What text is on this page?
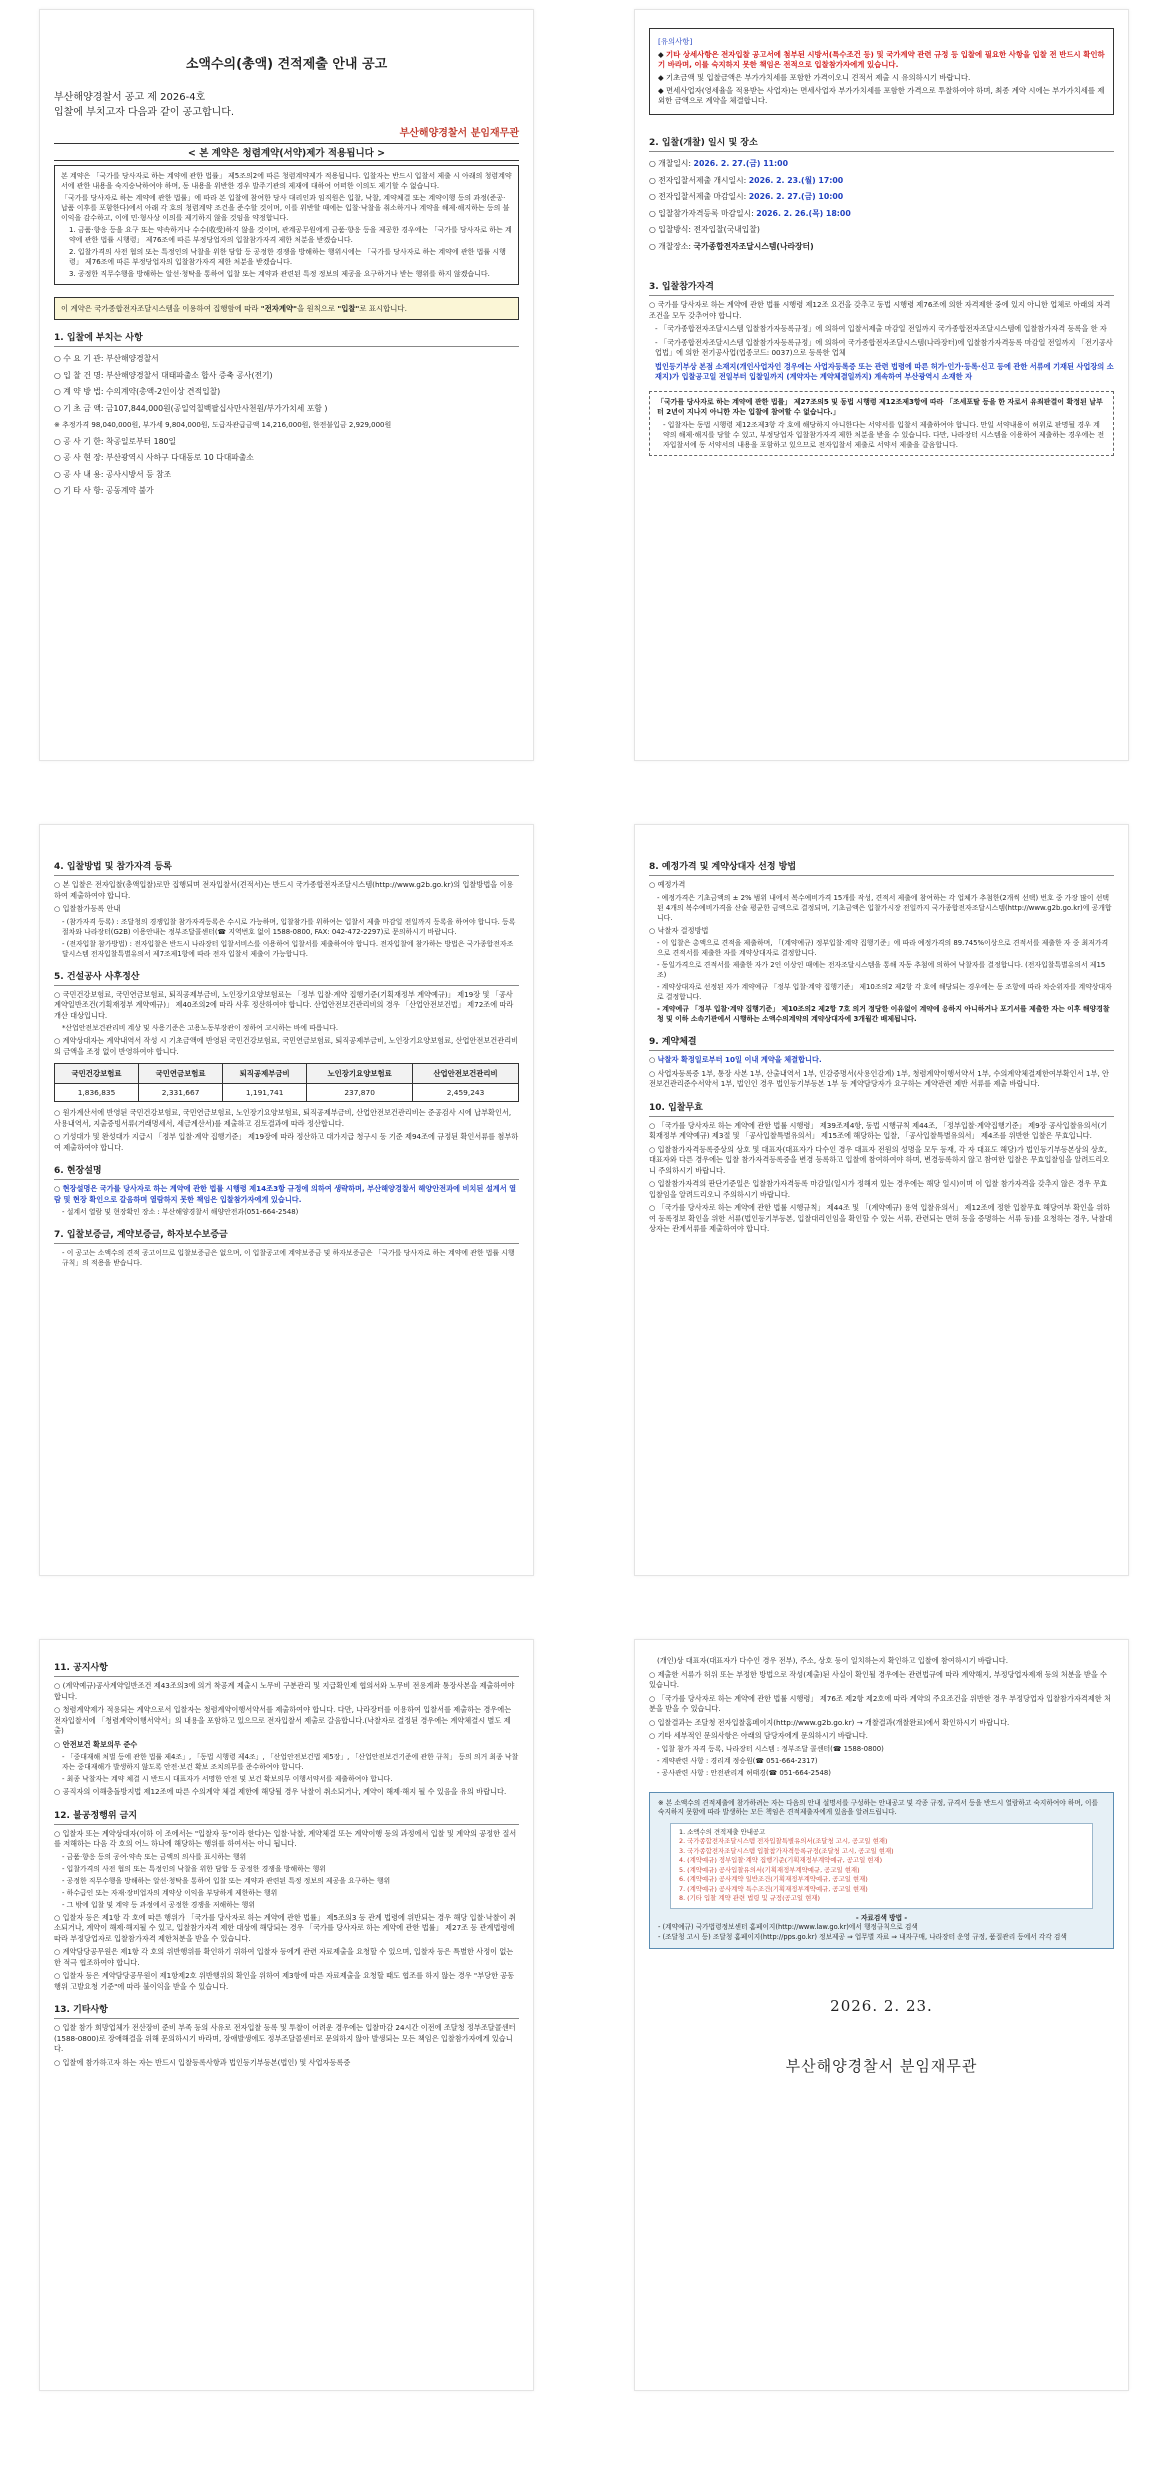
소액수의(총액) 견적제출 안내 공고
부산해양경찰서 공고 제 2026-4호
입찰에 부치고자 다음과 같이 공고합니다.
부산해양경찰서 분임재무관
< 본 계약은 청렴계약(서약)제가 적용됩니다 >

본 계약은 「국가를 당사자로 하는 계약에 관한 법률」 제5조의2에 따른 청렴계약제가 적용됩니다. 입찰자는 반드시 입찰서 제출 시 아래의 청렴계약서에 관한 내용을 숙지승낙하여야 하며, 동 내용을 위반한 경우 발주기관의 제재에 대하여 어떠한 이의도 제기할 수 없습니다.

「국가를 당사자로 하는 계약에 관한 법률」에 따라 본 입찰에 참여한 당사 대리인과 임직원은 입찰, 낙찰, 계약체결 또는 계약이행 등의 과정(준공·납품 이후를 포함한다)에서 아래 각 호의 청렴계약 조건을 준수할 것이며, 이를 위반할 때에는 입찰·낙찰을 취소하거나 계약을 해제·해지하는 등의 불이익을 감수하고, 이에 민·형사상 이의를 제기하지 않을 것임을 약정합니다.

1. 금품·향응 등을 요구 또는 약속하거나 수수(收受)하지 않을 것이며, 관계공무원에게 금품·향응 등을 제공한 경우에는 「국가를 당사자로 하는 계약에 관한 법률 시행령」 제76조에 따른 부정당업자의 입찰참가자격 제한 처분을 받겠습니다.

2. 입찰가격의 사전 협의 또는 특정인의 낙찰을 위한 담합 등 공정한 경쟁을 방해하는 행위시에는 「국가를 당사자로 하는 계약에 관한 법률 시행령」 제76조에 따른 부정당업자의 입찰참가자격 제한 처분을 받겠습니다.

3. 공정한 직무수행을 방해하는 알선·청탁을 통하여 입찰 또는 계약과 관련된 특정 정보의 제공을 요구하거나 받는 행위를 하지 않겠습니다.

이 계약은 국가종합전자조달시스템을 이용하여 집행함에 따라 "전자계약"을 원칙으로 "입찰"로 표시합니다.
1. 입찰에 부치는 사항
○ 수 요 기 관: 부산해양경찰서
○ 입 찰 건 명: 부산해양경찰서 대태파출소 합사 증축 공사(전기)
○ 계 약 방 법: 수의계약(총액-2인이상 견적입찰)
○ 기 초 금 액: 금107,844,000원(공일억칠백팔십사만사천원/부가가치세 포함 )
※ 추정가격 98,040,000원, 부가세 9,804,000원, 도급자관급금액 14,216,000원, 한전불입금 2,929,000원
○ 공 사 기 한: 착공일로부터 180일
○ 공 사 현 장: 부산광역시 사하구 다대동로 10 다대파출소
○ 공 사 내 용: 공사시방서 등 참조
○ 기 타 사 항: 공동계약 불가
[유의사항]
◆ 기타 상세사항은 전자입찰 공고서에 첨부된 시방서(특수조건 등) 및 국가계약 관련 규정 등 입찰에 필요한 사항을 입찰 전 반드시 확인하기 바라며, 이를 숙지하지 못한 책임은 전적으로 입찰참가자에게 있습니다.
◆ 기초금액 및 입찰금액은 부가가치세를 포함한 가격이오니 견적서 제출 시 유의하시기 바랍니다.
◆ 면세사업자(영세율을 적용받는 사업자)는 면세사업자 부가가치세를 포함한 가격으로 투찰하여야 하며, 최종 계약 시에는 부가가치세를 제외한 금액으로 계약을 체결합니다.
2. 입찰(개찰) 일시 및 장소
○ 개찰일시: 2026. 2. 27.(금) 11:00
○ 전자입찰서제출 개시일시: 2026. 2. 23.(월) 17:00
○ 전자입찰서제출 마감일시: 2026. 2. 27.(금) 10:00
○ 입찰참가자격등록 마감일시: 2026. 2. 26.(목) 18:00
○ 입찰방식: 전자입찰(국내입찰)
○ 개찰장소: 국가종합전자조달시스템(나라장터)
3. 입찰참가자격
○ 국가를 당사자로 하는 계약에 관한 법률 시행령 제12조 요건을 갖추고 동법 시행령 제76조에 의한 자격제한 중에 있지 아니한 업체로 아래의 자격조건을 모두 갖추어야 합니다.
- 「국가종합전자조달시스템 입찰참가자등록규정」에 의하여 입찰서제출 마감일 전일까지 국가종합전자조달시스템에 입찰참가자격 등록을 한 자
- 「국가종합전자조달시스템 입찰참가자등록규정」에 의하여 국가종합전자조달시스템(나라장터)에 입찰참가자격등록 마감일 전일까지 「전기공사업법」에 의한 전기공사업(업종코드: 0037)으로 등록한 업체
법인등기부상 본점 소재지(개인사업자인 경우에는 사업자등록증 또는 관련 법령에 따른 허가·인가·등록·신고 등에 관한 서류에 기재된 사업장의 소재지)가 입찰공고일 전일부터 입찰일까지 (계약자는 계약체결일까지) 계속하여 부산광역시 소재한 자
「국가를 당사자로 하는 계약에 관한 법률」 제27조의5 및 동법 시행령 제12조제3항에 따라 「조세포탈 등을 한 자로서 유죄판결이 확정된 날부터 2년이 지나지 아니한 자는 입찰에 참여할 수 없습니다.」
- 입찰자는 동법 시행령 제12조제3항 각 호에 해당하지 아니한다는 서약서를 입찰서 제출하여야 합니다. 만일 서약내용이 허위로 판명될 경우 계약의 해제·해지를 당할 수 있고, 부정당업자 입찰참가자격 제한 처분을 받을 수 있습니다. 다만, 나라장터 시스템을 이용하여 제출하는 경우에는 전자입찰서에 동 서약서의 내용을 포함하고 있으므로 전자입찰서 제출로 서약서 제출을 갈음합니다.
4. 입찰방법 및 참가자격 등록
○ 본 입찰은 전자입찰(총액입찰)로만 집행되며 전자입찰서(견적서)는 반드시 국가종합전자조달시스템(http://www.g2b.go.kr)의 입찰방법을 이용하여 제출하여야 합니다.
○ 입찰참가등록 안내
- (참가자격 등록) : 조달청의 경쟁입찰 참가자격등록은 수시로 가능하며, 입찰참가를 위하여는 입찰서 제출 마감일 전일까지 등록을 하여야 합니다. 등록절차와 나라장터(G2B) 이용안내는 정부조달콜센터(☎ 지역번호 없이 1588-0800, FAX: 042-472-2297)로 문의하시기 바랍니다.
- (전자입찰 참가방법) : 전자입찰은 반드시 나라장터 입찰서비스를 이용하여 입찰서를 제출하여야 합니다. 전자입찰에 참가하는 방법은 국가종합전자조달시스템 전자입찰특별유의서 제7조제1항에 따라 전자 입찰서 제출이 가능합니다.
5. 건설공사 사후정산
○ 국민건강보험료, 국민연금보험료, 퇴직공제부금비, 노인장기요양보험료는 「정부 입찰·계약 집행기준(기획재정부 계약예규)」 제19장 및 「공사계약일반조건(기획재정부 계약예규)」 제40조의2에 따라 사후 정산하여야 합니다. 산업안전보건관리비의 경우 「산업안전보건법」 제72조에 따라 개산 대상입니다.
*산업안전보건관리비 계상 및 사용기준은 고용노동부장관이 정하여 고시하는 바에 따릅니다.
○ 계약상대자는 계약내역서 작성 시 기초금액에 반영된 국민건강보험료, 국민연금보험료, 퇴직공제부금비, 노인장기요양보험료, 산업안전보건관리비의 금액을 조정 없이 반영하여야 합니다.
국민건강보험료	국민연금보험료	퇴직공제부금비	노인장기요양보험료	산업안전보건관리비
1,836,835	2,331,667	1,191,741	237,870	2,459,243
○ 원가계산서에 반영된 국민건강보험료, 국민연금보험료, 노인장기요양보험료, 퇴직공제부금비, 산업안전보건관리비는 준공검사 시에 납부확인서, 사용내역서, 지출증빙서류(거래명세서, 세금계산서)를 제출하고 검토결과에 따라 정산합니다.
○ 기성대가 및 완성대가 지급시 「정부 입찰·계약 집행기준」 제19장에 따라 정산하고 대가지급 청구시 동 기준 제94조에 규정된 확인서류를 첨부하여 제출하여야 합니다.
6. 현장설명
○ 현장설명은 국가를 당사자로 하는 계약에 관한 법률 시행령 제14조3항 규정에 의하여 생략하며, 부산해양경찰서 해양안전과에 비치된 설계서 열람 및 현장 확인으로 갈음하며 열람하지 못한 책임은 입찰참가자에게 있습니다.
- 설계서 열람 및 현장확인 장소 : 부산해양경찰서 해양안전과(051-664-2548)
7. 입찰보증금, 계약보증금, 하자보수보증금
- 이 공고는 소액수의 견적 공고이므로 입찰보증금은 없으며, 이 입찰공고에 계약보증금 및 하자보증금은 「국가를 당사자로 하는 계약에 관한 법률 시행규칙」의 적용을 받습니다.
8. 예정가격 및 계약상대자 선정 방법
○ 예정가격
- 예정가격은 기초금액의 ± 2% 범위 내에서 복수예비가격 15개를 작성, 견적서 제출에 참여하는 각 업체가 추첨한(2개씩 선택) 번호 중 가장 많이 선택된 4개의 복수예비가격을 산술 평균한 금액으로 결정되며, 기초금액은 입찰가시장 전일까지 국가종합전자조달시스템(http://www.g2b.go.kr)에 공개합니다.
○ 낙찰자 결정방법
- 이 입찰은 총액으로 견적을 제출하며, 「(계약예규) 정부입찰·계약 집행기준」에 따라 예정가격의 89.745%이상으로 견적서를 제출한 자 중 최저가격으로 견적서를 제출한 자를 계약상대자로 결정합니다.
- 동일가격으로 견적서를 제출한 자가 2인 이상인 때에는 전자조달시스템을 통해 자동 추첨에 의하여 낙찰자를 결정합니다. (전자입찰특별유의서 제15조)
- 계약상대자로 선정된 자가 계약예규 「정부 입찰·계약 집행기준」 제10조의2 제2항 각 호에 해당되는 경우에는 동 조항에 따라 차순위자를 계약상대자로 결정합니다.
- 계약예규 「정부 입찰·계약 집행기준」 제10조의2 제2항 7호 의거 정당한 이유없이 계약에 응하지 아니하거나 포기서를 제출한 자는 이후 해양경찰청 및 이하 소속기관에서 시행하는 소액수의계약의 계약상대자에 3개월간 배제됩니다.
9. 계약체결
○ 낙찰자 확정일로부터 10일 이내 계약을 체결합니다.
○ 사업자등록증 1부, 통장 사본 1부, 산출내역서 1부, 인감증명서(사용인감계) 1부, 청렴계약이행서약서 1부, 수의계약체결제한여부확인서 1부, 안전보건관리준수서약서 1부, 법인인 경우 법인등기부등본 1부 등 계약담당자가 요구하는 계약관련 제반 서류를 제출 바랍니다.
10. 입찰무효
○ 「국가를 당사자로 하는 계약에 관한 법률 시행령」 제39조제4항, 동법 시행규칙 제44조, 「정부입찰·계약집행기준」 제9장 공사입찰유의서(기획재정부 계약예규) 제3절 및 「공사입찰특별유의서」 제15조에 해당하는 입찰, 「공사입찰특별유의서」 제4조를 위반한 입찰은 무효입니다.
○ 입찰참가자격등록증상의 상호 및 대표자(대표자가 다수인 경우 대표자 전원의 성명을 모두 등재, 각 자 대표도 해당)가 법인등기부등본상의 상호, 대표자와 다른 경우에는 입찰 참가자격등록증을 변경 등록하고 입찰에 참여하여야 하며, 변경등록하지 않고 참여한 입찰은 무효입찰임을 알려드리오니 주의하시기 바랍니다.
○ 입찰참가자격의 판단기준일은 입찰참가자격등록 마감일(일시가 정해져 있는 경우에는 해당 일시)이며 이 입찰 참가자격을 갖추지 않은 경우 무효입찰임을 알려드리오니 주의하시기 바랍니다.
○ 「국가를 당사자로 하는 계약에 관한 법률 시행규칙」 제44조 및 「(계약예규) 용역 입찰유의서」 제12조에 정한 입찰무효 해당여부 확인을 위하여 등록정보 확인을 위한 서류(법인등기부등본, 입찰대리인임을 확인할 수 있는 서류, 관련되는 면허 등을 증명하는 서류 등)를 요청하는 경우, 낙찰대상자는 관계서류를 제출하여야 합니다.
11. 공지사항
○ (계약예규)공사계약일반조건 제43조의3에 의거 착공계 제출시 노무비 구분관리 및 지급확인제 협의서와 노무비 전용계좌 통장사본을 제출하여야 합니다.
○ 청렴계약제가 적용되는 계약으로서 입찰자는 청렴계약이행서약서를 제출하여야 합니다. 다만, 나라장터를 이용하여 입찰서를 제출하는 경우에는 전자입찰서에 「청렴계약이행서약서」의 내용을 포함하고 있으므로 전자입찰서 제출로 갈음합니다.(낙찰자로 결정된 경우에는 계약체결시 별도 제출)
○ 안전보건 확보의무 준수
- 「중대재해 처벌 등에 관한 법률 제4조」, 「동법 시행령 제4조」, 「산업안전보건법 제5장」, 「산업안전보건기준에 관한 규칙」 등의 의거 최종 낙찰자는 중대재해가 발생하지 않도록 안전·보건 확보 조치의무를 준수하여야 합니다.
- 최종 낙찰자는 계약 체결 시 반드시 대표자가 서명한 안전 및 보건 확보의무 이행서약서를 제출하여야 합니다.
○ 공직자의 이해충돌방지법 제12조에 따른 수의계약 체결 제한에 해당될 경우 낙찰이 취소되거나, 계약이 해제·해지 될 수 있음을 유의 바랍니다.
12. 불공정행위 금지
○ 입찰자 또는 계약상대자(이하 이 조에서는 "입찰자 등"이라 한다)는 입찰·낙찰, 계약체결 또는 계약이행 등의 과정에서 입찰 및 계약의 공정한 질서를 저해하는 다음 각 호의 어느 하나에 해당하는 행위를 하여서는 아니 됩니다.
- 금품·향응 등의 공여·약속 또는 금액의 의사를 표시하는 행위
- 입찰가격의 사전 협의 또는 특정인의 낙찰을 위한 담합 등 공정한 경쟁을 방해하는 행위
- 공정한 직무수행을 방해하는 알선·청탁을 통하여 입찰 또는 계약과 관련된 특정 정보의 제공을 요구하는 행위
- 하수급인 또는 자재·장비업자의 계약상 이익을 부당하게 제한하는 행위
- 그 밖에 입찰 및 계약 등 과정에서 공정한 경쟁을 저해하는 행위
○ 입찰자 등은 제1항 각 호에 따른 행위가 「국가를 당사자로 하는 계약에 관한 법률」 제5조의3 등 관계 법령에 위반되는 경우 해당 입찰·낙찰이 취소되거나, 계약이 해제·해지될 수 있고, 입찰참가자격 제한 대상에 해당되는 경우 「국가를 당사자로 하는 계약에 관한 법률」 제27조 등 관계법령에 따라 부정당업자로 입찰참가자격 제한처분을 받을 수 있습니다.
○ 계약담당공무원은 제1항 각 호의 위반행위를 확인하기 위하여 입찰자 등에게 관련 자료제출을 요청할 수 있으며, 입찰자 등은 특별한 사정이 없는 한 적극 협조하여야 합니다.
○ 입찰자 등은 계약담당공무원이 제1항제2호 위반행위의 확인을 위하여 제3항에 따른 자료제출을 요청할 때도 협조를 하지 않는 경우 "부당한 공동행위 고발요청 기준"에 따라 불이익을 받을 수 있습니다.
13. 기타사항
○ 입찰 참가 희망업체가 전산장비 준비 부족 등의 사유로 전자입찰 등록 및 투찰이 어려운 경우에는 입찰마감 24시간 이전에 조달청 정부조달콜센터(1588-0800)로 장애해결을 위해 문의하시기 바라며, 장애발생에도 정부조달콜센터로 문의하지 않아 발생되는 모든 책임은 입찰참가자에게 있습니다.
○ 입찰에 참가하고자 하는 자는 반드시 입찰등록사항과 법인등기부등본(법인) 및 사업자등록증
(개인)상 대표자(대표자가 다수인 경우 전부), 주소, 상호 등이 일치하는지 확인하고 입찰에 참여하시기 바랍니다.
○ 제출한 서류가 허위 또는 부정한 방법으로 작성(제출)된 사실이 확인될 경우에는 관련법규에 따라 계약해지, 부정당업자제재 등의 처분을 받을 수 있습니다.
○ 「국가를 당사자로 하는 계약에 관한 법률 시행령」 제76조 제2항 제2호에 따라 계약의 주요조건을 위반한 경우 부정당업자 입찰참가자격제한 처분을 받을 수 있습니다.
○ 입찰결과는 조달청 전자입찰홈페이지(http://www.g2b.go.kr) → 개찰결과(개찰완료)에서 확인하시기 바랍니다.
○ 기타 세부적인 문의사항은 아래의 담당자에게 문의하시기 바랍니다.
- 입찰 참가 자격 등록, 나라장터 시스템 : 정부조달 콜센터(☎ 1588-0800)
- 계약관련 사항 : 경리계 정승원(☎ 051-664-2317)
- 공사관련 사항 : 안전관리계 허태경(☎ 051-664-2548)
※ 본 소액수의 견적제출에 참가하려는 자는 다음의 안내 설명서를 구성하는 안내공고 및 각종 규정, 규격서 등을 반드시 열람하고 숙지하여야 하며, 이를 숙지하지 못함에 따라 발생하는 모든 책임은 견적제출자에게 있음을 알려드립니다.
1. 소액수의 견적제출 안내공고
2. 국가종합전자조달시스템 전자입찰특별유의서(조달청 고시, 공고일 현재)
3. 국가종합전자조달시스템 입찰참가자격등록규정(조달청 고시, 공고일 현재)
4. (계약예규) 정부입찰·계약 집행기준(기획재정부계약예규, 공고일 현재)
5. (계약예규) 공사입찰유의서(기획재정부계약예규, 공고일 현재)
6. (계약예규) 공사계약 일반조건(기획재정부계약예규, 공고일 현재)
7. (계약예규) 공사계약 특수조건(기획재정부계약예규, 공고일 현재)
8. (기타 입찰 계약 관련 법령 및 규정(공고일 현재)
- 자료검색 방법 -
- (계약예규) 국가법령정보센터 홈페이지(http://www.law.go.kr)에서 행정규칙으로 검색
- (조달청 고시 등) 조달청 홈페이지(http://pps.go.kr) 정보제공 ⇒ 업무별 자료 ⇒ 내자구매, 나라장터 운영 규정, 품질관리 등에서 각각 검색
2026. 2. 23.
부산해양경찰서 분임재무관
